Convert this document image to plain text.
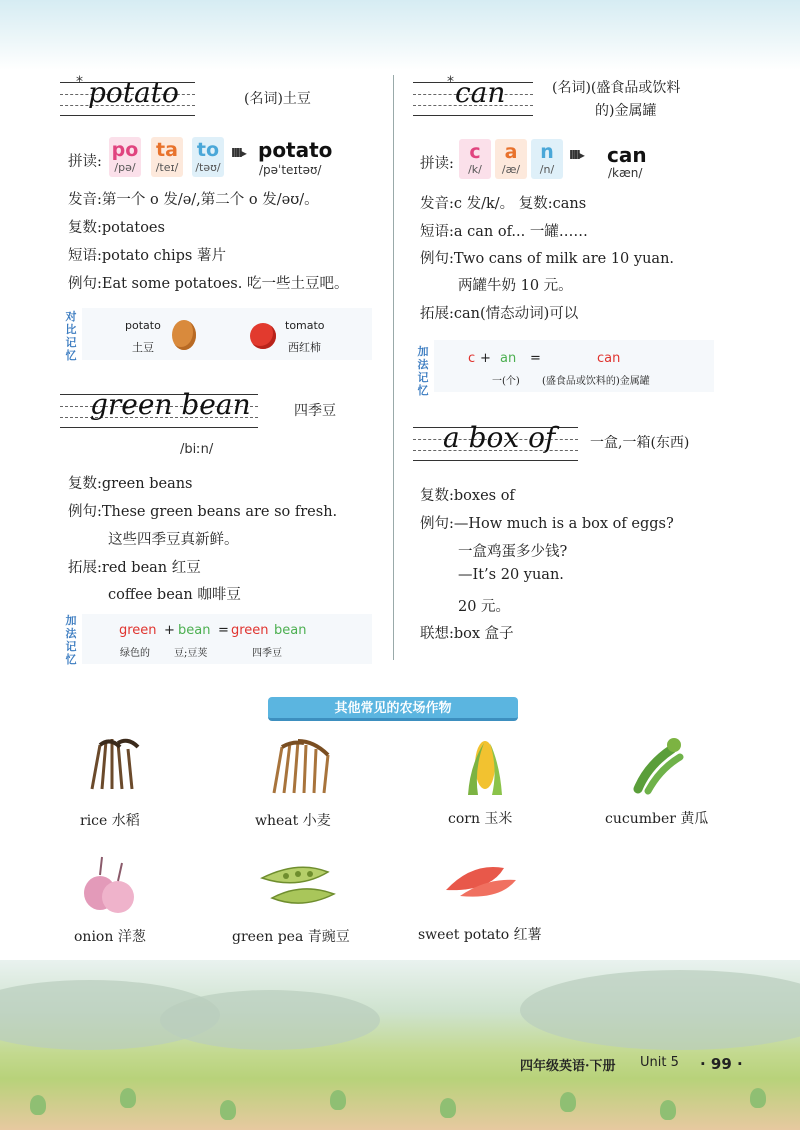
* potato	(名词)土豆
拼读:
po
/pə/
ta
/teɪ/
to
/təʊ/
IIII▸ potato
/pəˈteɪtəʊ/
发音:第一个 o 发/ə/,第二个 o 发/əʊ/。
复数:potatoes
短语:potato chips 薯片
例句:Eat some potatoes. 吃一些土豆吧。
对比记忆
potato
土豆
tomato
西红柿
green bean	四季豆
/biːn/
复数:green beans
例句:These green beans are so fresh.
这些四季豆真新鲜。
拓展:red bean 红豆
coffee bean 咖啡豆
加法记忆
green + bean = green bean
绿色的 豆;豆荚	四季豆
* can	(名词)(盛食品或饮料
的)金属罐
拼读:
c
/k/
a
/æ/
n
/n/
IIII▸ can
/kæn/
发音:c 发/k/。 复数:cans
短语:a can of... 一罐……
例句:Two cans of milk are 10 yuan.
两罐牛奶 10 元。
拓展:can(情态动词)可以
加法记忆
c + an =	can
一(个) (盛食品或饮料的)金属罐
a box of 一盒,一箱(东西)
复数:boxes of
例句:—How much is a box of eggs?
一盒鸡蛋多少钱?
—It’s 20 yuan.
20 元。
联想:box 盒子
其他常见的农场作物
rice 水稻	wheat 小麦	corn 玉米	cucumber 黄瓜
onion 洋葱	green pea 青豌豆	sweet potato 红薯
四年级英语·下册 Unit 5 · 99 ·
